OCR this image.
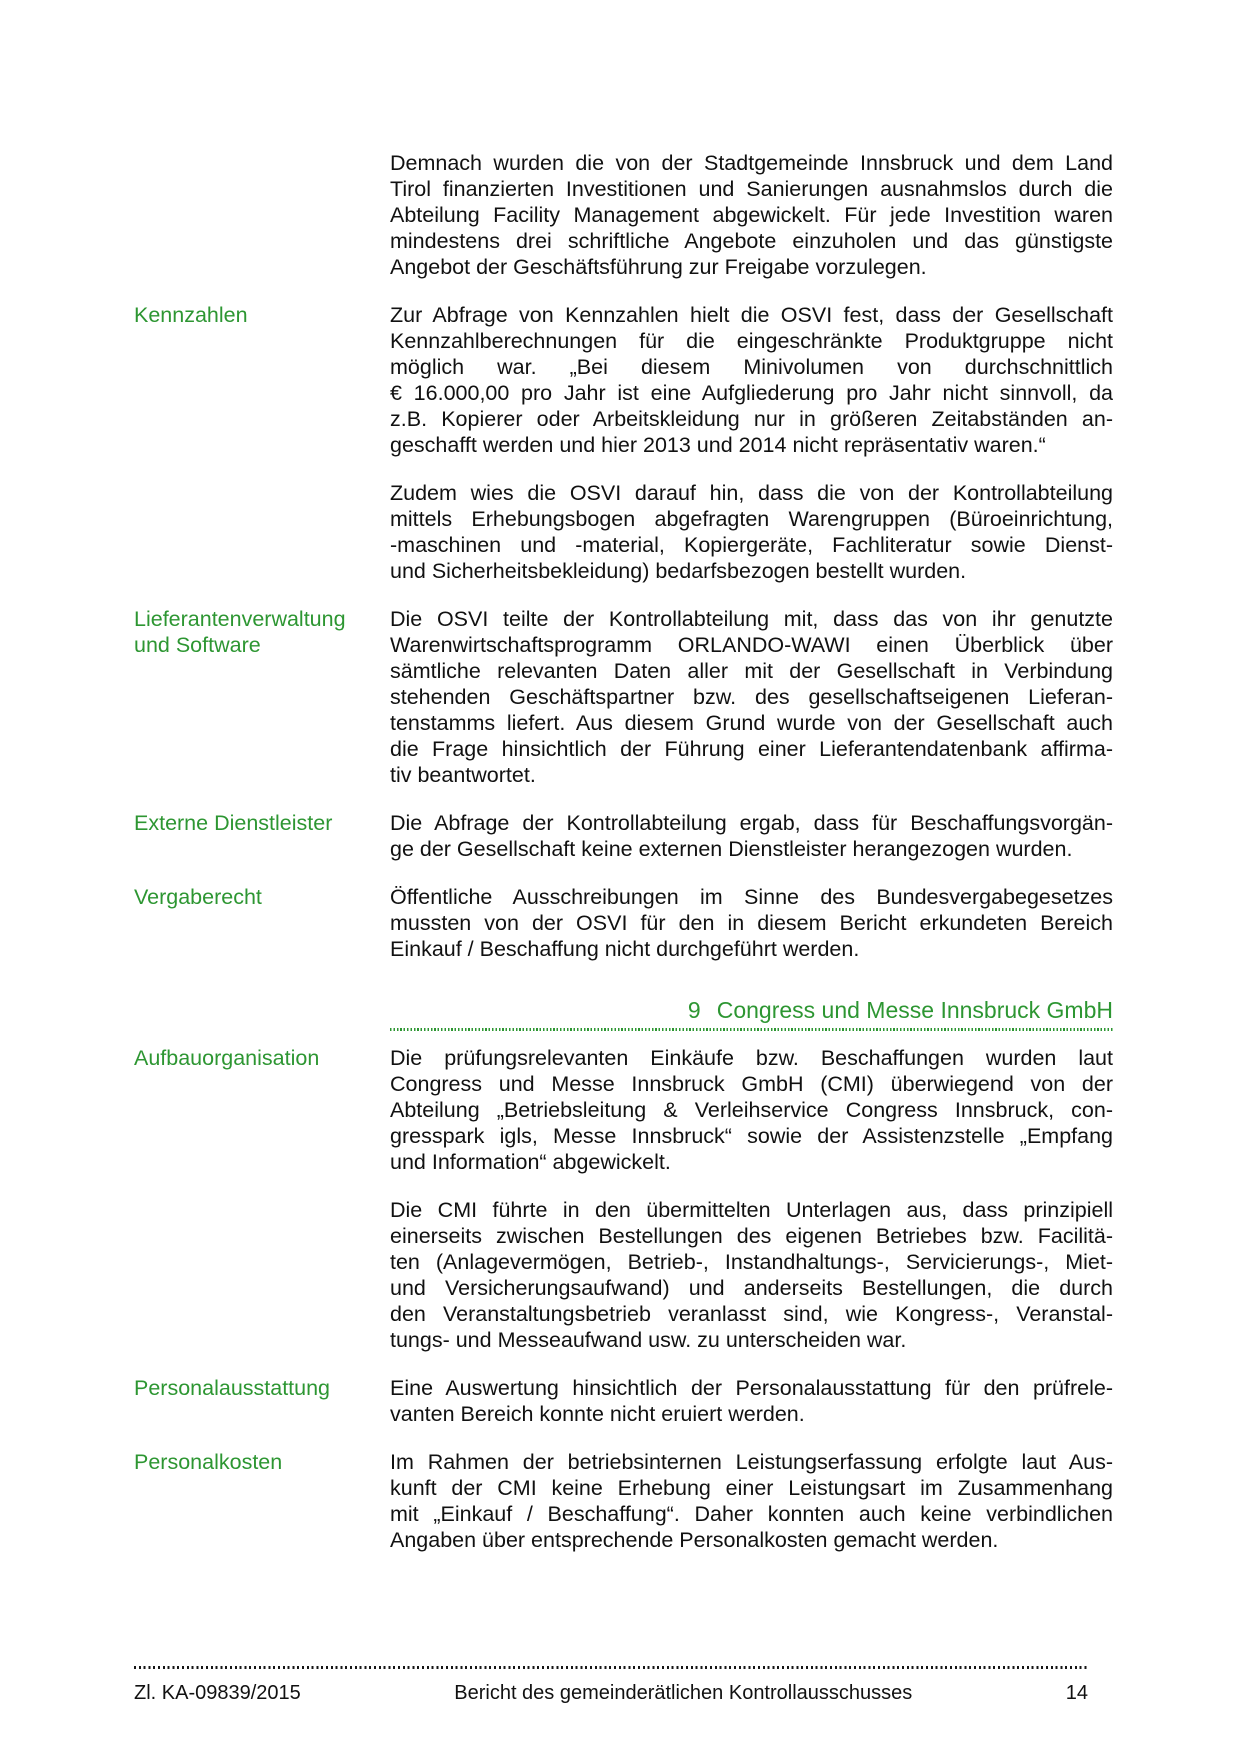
Demnach wurden die von der Stadtgemeinde Innsbruck und dem Land
Tirol finanzierten Investitionen und Sanierungen ausnahmslos durch die
Abteilung Facility Management abgewickelt. Für jede Investition waren
mindestens drei schriftliche Angebote einzuholen und das günstigste
Angebot der Geschäftsführung zur Freigabe vorzulegen.
Kennzahlen	Zur Abfrage von Kennzahlen hielt die OSVI fest, dass der Gesellschaft
Kennzahlberechnungen für die eingeschränkte Produktgruppe nicht
möglich war. „Bei diesem Minivolumen von durchschnittlich
€ 16.000,00 pro Jahr ist eine Aufgliederung pro Jahr nicht sinnvoll, da
z.B. Kopierer oder Arbeitskleidung nur in größeren Zeitabständen an-
geschafft werden und hier 2013 und 2014 nicht repräsentativ waren.“
Zudem wies die OSVI darauf hin, dass die von der Kontrollabteilung
mittels Erhebungsbogen abgefragten Warengruppen (Büroeinrichtung,
-maschinen und -material, Kopiergeräte, Fachliteratur sowie Dienst-
und Sicherheitsbekleidung) bedarfsbezogen bestellt wurden.
Lieferantenverwaltung
und Software
Die OSVI teilte der Kontrollabteilung mit, dass das von ihr genutzte
Warenwirtschaftsprogramm ORLANDO-WAWI einen Überblick über
sämtliche relevanten Daten aller mit der Gesellschaft in Verbindung
stehenden Geschäftspartner bzw. des gesellschaftseigenen Lieferan-
tenstamms liefert. Aus diesem Grund wurde von der Gesellschaft auch
die Frage hinsichtlich der Führung einer Lieferantendatenbank affirma-
tiv beantwortet.
Externe Dienstleister	Die Abfrage der Kontrollabteilung ergab, dass für Beschaffungsvorgän-
ge der Gesellschaft keine externen Dienstleister herangezogen wurden.
Vergaberecht	Öffentliche Ausschreibungen im Sinne des Bundesvergabegesetzes
mussten von der OSVI für den in diesem Bericht erkundeten Bereich
Einkauf / Beschaffung nicht durchgeführt werden.
9 Congress und Messe Innsbruck GmbH
Aufbauorganisation	Die prüfungsrelevanten Einkäufe bzw. Beschaffungen wurden laut
Congress und Messe Innsbruck GmbH (CMI) überwiegend von der
Abteilung „Betriebsleitung & Verleihservice Congress Innsbruck, con-
gresspark igls, Messe Innsbruck“ sowie der Assistenzstelle „Empfang
und Information“ abgewickelt.
Die CMI führte in den übermittelten Unterlagen aus, dass prinzipiell
einerseits zwischen Bestellungen des eigenen Betriebes bzw. Facilitä-
ten (Anlagevermögen, Betrieb-, Instandhaltungs-, Servicierungs-, Miet-
und Versicherungsaufwand) und anderseits Bestellungen, die durch
den Veranstaltungsbetrieb veranlasst sind, wie Kongress-, Veranstal-
tungs- und Messeaufwand usw. zu unterscheiden war.
Personalausstattung	Eine Auswertung hinsichtlich der Personalausstattung für den prüfrele-
vanten Bereich konnte nicht eruiert werden.
Personalkosten	Im Rahmen der betriebsinternen Leistungserfassung erfolgte laut Aus-
kunft der CMI keine Erhebung einer Leistungsart im Zusammenhang
mit „Einkauf / Beschaffung“. Daher konnten auch keine verbindlichen
Angaben über entsprechende Personalkosten gemacht werden.
Zl. KA-09839/2015	Bericht des gemeinderätlichen Kontrollausschusses	14
